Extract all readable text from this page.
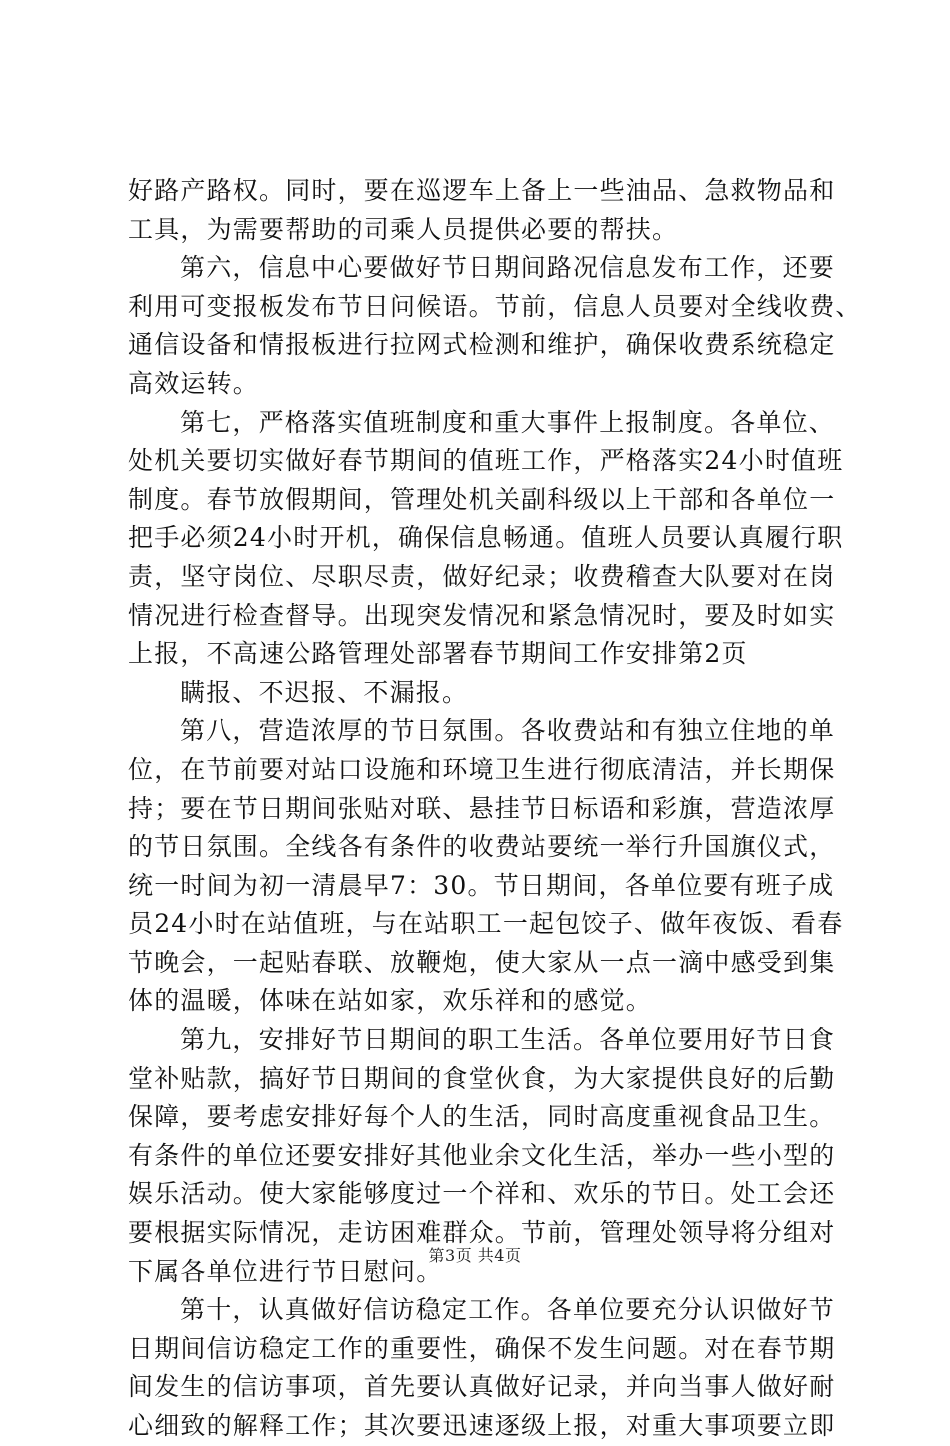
好路产路权。同时，要在巡逻车上备上一些油品、急救物品和
工具，为需要帮助的司乘人员提供必要的帮扶。
第六，信息中心要做好节日期间路况信息发布工作，还要
利用可变报板发布节日问候语。节前，信息人员要对全线收费、
通信设备和情报板进行拉网式检测和维护，确保收费系统稳定
高效运转。
第七，严格落实值班制度和重大事件上报制度。各单位、
处机关要切实做好春节期间的值班工作，严格落实24小时值班
制度。春节放假期间，管理处机关副科级以上干部和各单位一
把手必须24小时开机，确保信息畅通。值班人员要认真履行职
责，坚守岗位、尽职尽责，做好纪录；收费稽查大队要对在岗
情况进行检查督导。出现突发情况和紧急情况时，要及时如实
上报，不高速公路管理处部署春节期间工作安排第2页
瞒报、不迟报、不漏报。
第八，营造浓厚的节日氛围。各收费站和有独立住地的单
位，在节前要对站口设施和环境卫生进行彻底清洁，并长期保
持；要在节日期间张贴对联、悬挂节日标语和彩旗，营造浓厚
的节日氛围。全线各有条件的收费站要统一举行升国旗仪式，
统一时间为初一清晨早7：30。节日期间，各单位要有班子成
员24小时在站值班，与在站职工一起包饺子、做年夜饭、看春
节晚会，一起贴春联、放鞭炮，使大家从一点一滴中感受到集
体的温暖，体味在站如家，欢乐祥和的感觉。
第九，安排好节日期间的职工生活。各单位要用好节日食
堂补贴款，搞好节日期间的食堂伙食，为大家提供良好的后勤
保障，要考虑安排好每个人的生活，同时高度重视食品卫生。
有条件的单位还要安排好其他业余文化生活，举办一些小型的
娱乐活动。使大家能够度过一个祥和、欢乐的节日。处工会还
要根据实际情况，走访困难群众。节前，管理处领导将分组对
下属各单位进行节日慰问。
第十，认真做好信访稳定工作。各单位要充分认识做好节
日期间信访稳定工作的重要性，确保不发生问题。对在春节期
间发生的信访事项，首先要认真做好记录，并向当事人做好耐
心细致的解释工作；其次要迅速逐级上报，对重大事项要立即
第3页 共4页
